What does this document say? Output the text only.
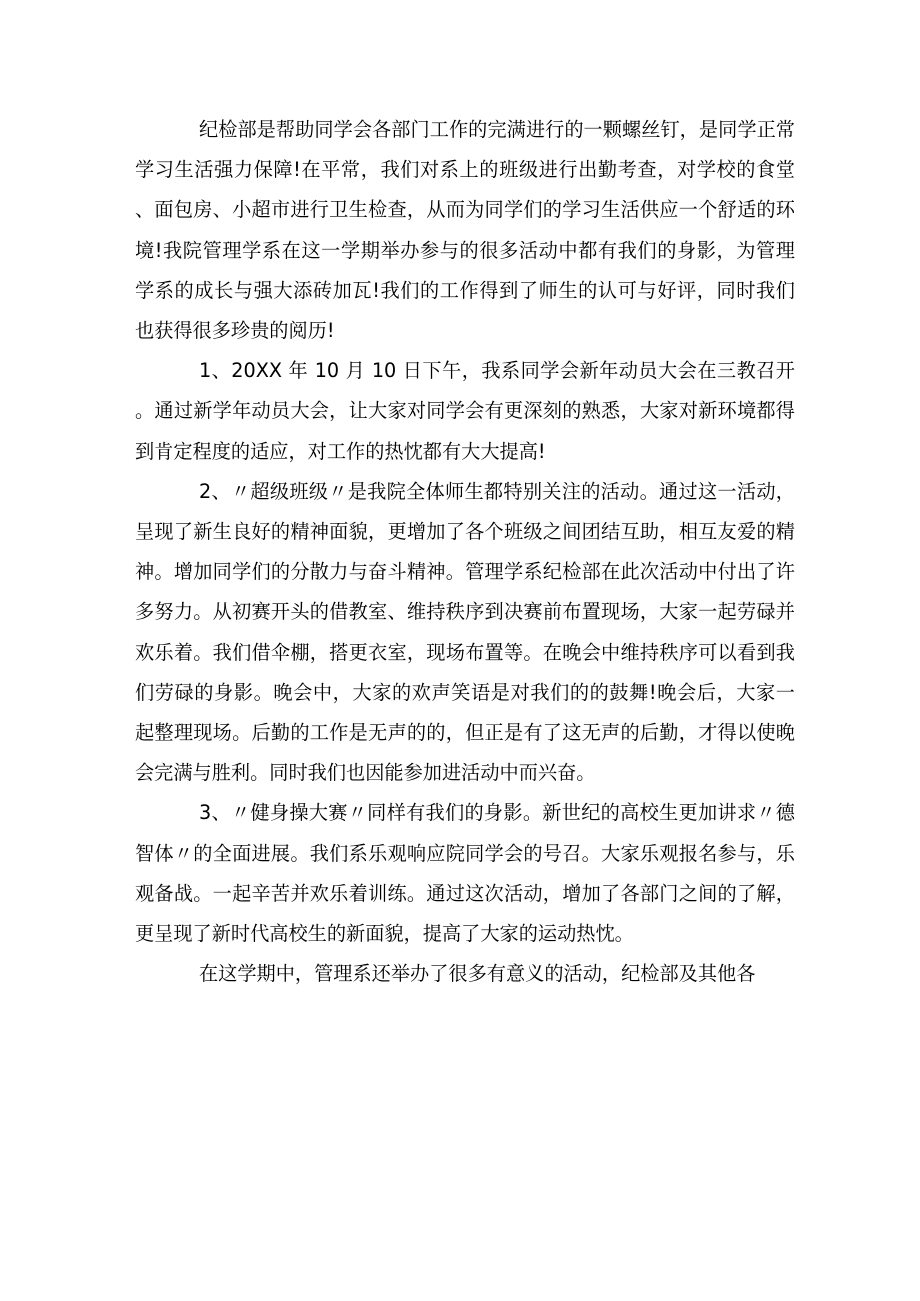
纪检部是帮助同学会各部门工作的完满进行的一颗螺丝钉，是同学正常学习生活强力保障!在平常，我们对系上的班级进行出勤考查，对学校的食堂、面包房、小超市进行卫生检查，从而为同学们的学习生活供应一个舒适的环境!我院管理学系在这一学期举办参与的很多活动中都有我们的身影，为管理学系的成长与强大添砖加瓦!我们的工作得到了师生的认可与好评，同时我们也获得很多珍贵的阅历!

1、20XX 年 10 月 10 日下午，我系同学会新年动员大会在三教召开。通过新学年动员大会，让大家对同学会有更深刻的熟悉，大家对新环境都得到肯定程度的适应，对工作的热忱都有大大提高!

2、〃超级班级〃是我院全体师生都特别关注的活动。通过这一活动，呈现了新生良好的精神面貌，更增加了各个班级之间团结互助，相互友爱的精神。增加同学们的分散力与奋斗精神。管理学系纪检部在此次活动中付出了许多努力。从初赛开头的借教室、维持秩序到决赛前布置现场，大家一起劳碌并欢乐着。我们借伞棚，搭更衣室，现场布置等。在晚会中维持秩序可以看到我们劳碌的身影。晚会中，大家的欢声笑语是对我们的的鼓舞!晚会后，大家一起整理现场。后勤的工作是无声的的，但正是有了这无声的后勤，才得以使晚会完满与胜利。同时我们也因能参加进活动中而兴奋。

3、〃健身操大赛〃同样有我们的身影。新世纪的高校生更加讲求〃德智体〃的全面进展。我们系乐观响应院同学会的号召。大家乐观报名参与，乐观备战。一起辛苦并欢乐着训练。通过这次活动，增加了各部门之间的了解，更呈现了新时代高校生的新面貌，提高了大家的运动热忱。

在这学期中，管理系还举办了很多有意义的活动，纪检部及其他各
